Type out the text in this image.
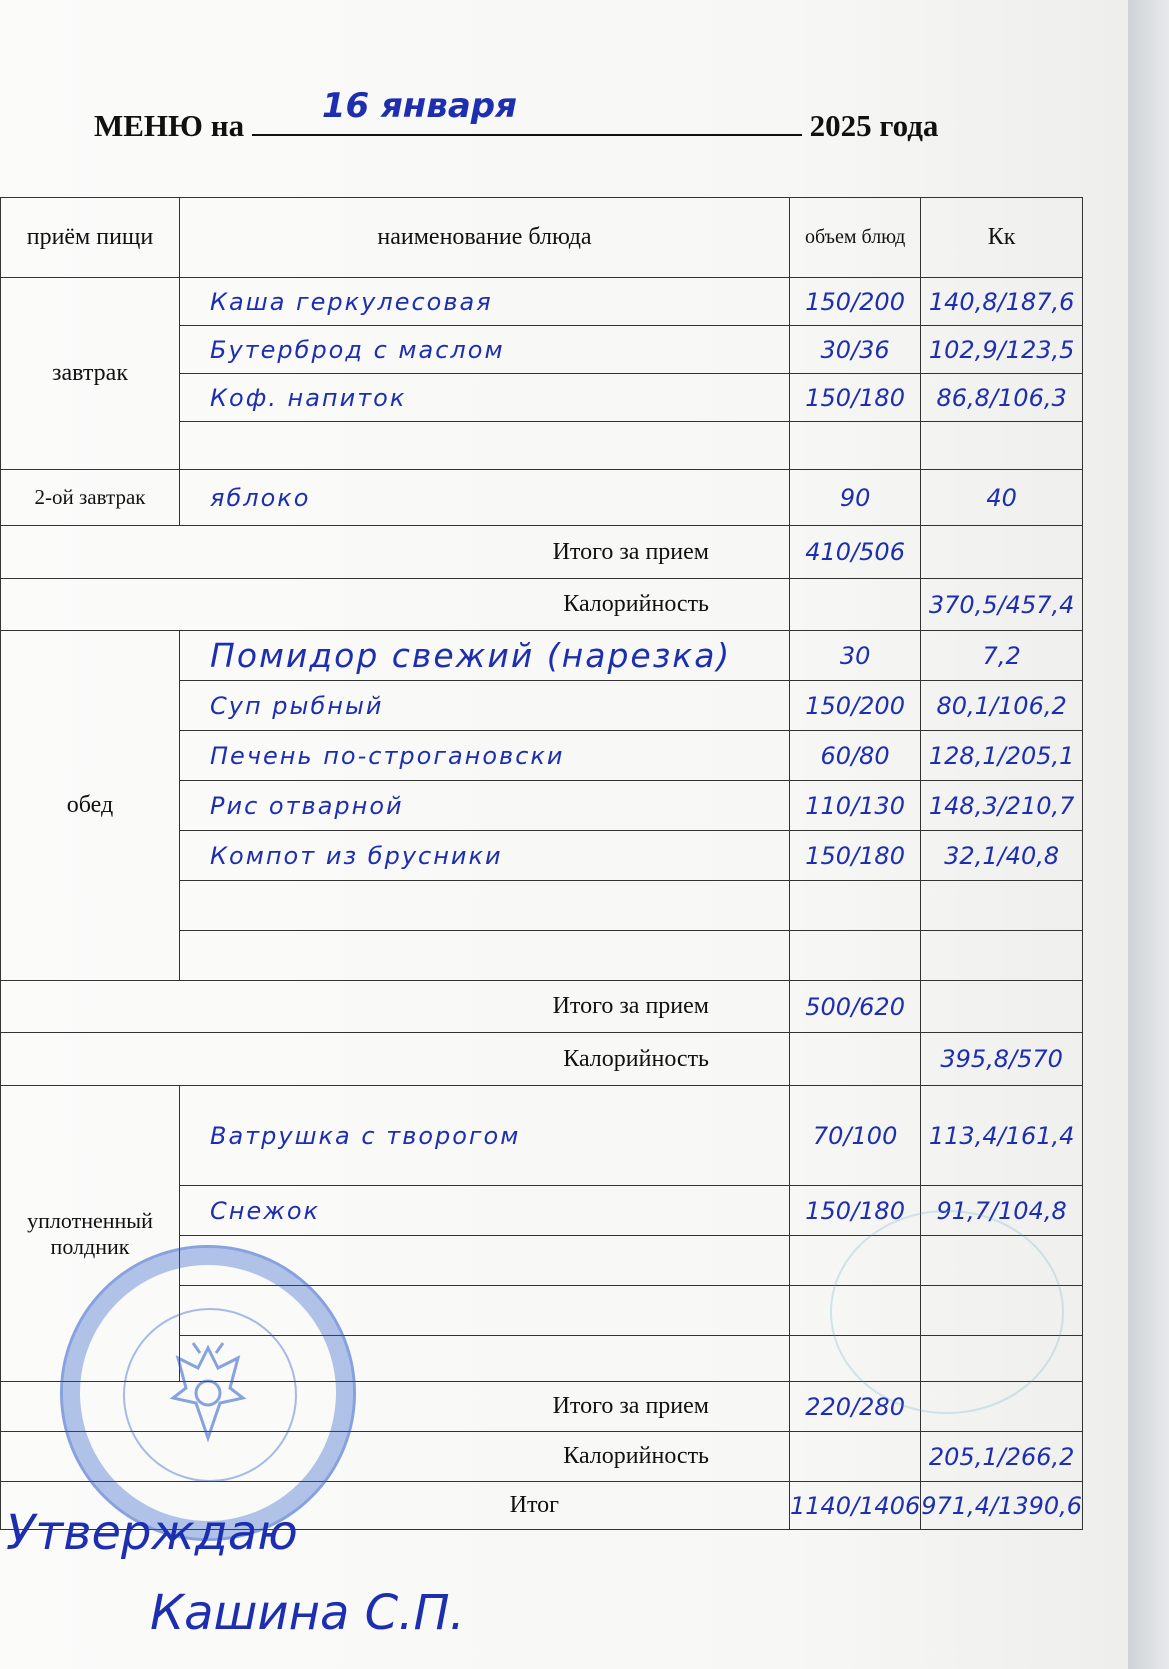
МЕНЮ на 16 января	2025 года
приём пищи	наименование блюда	объем блюд	Кк
завтрак	Каша геркулесовая	150/200	140,8/187,6
	Бутерброд с маслом	30/36	102,9/123,5
	Коф. напиток	150/180	86,8/106,3

2-ой завтрак	яблоко	90	40
Итого за прием		410/506	
Калорийность			370,5/457,4
обед	Помидор свежий (нарезка)	30	7,2
	Суп рыбный	150/200	80,1/106,2
	Печень по-строгановски	60/80	128,1/205,1
	Рис отварной	110/130	148,3/210,7
	Компот из брусники	150/180	32,1/40,8

Итого за прием		500/620	
Калорийность			395,8/570
уплотненный полдник	Ватрушка с творогом	70/100	113,4/161,4
	Снежок	150/180	91,7/104,8

Итого за прием		220/280	
Калорийность			205,1/266,2
Итог		1140/1406	971,4/1390,6
Утверждаю
Кашина С.П.
